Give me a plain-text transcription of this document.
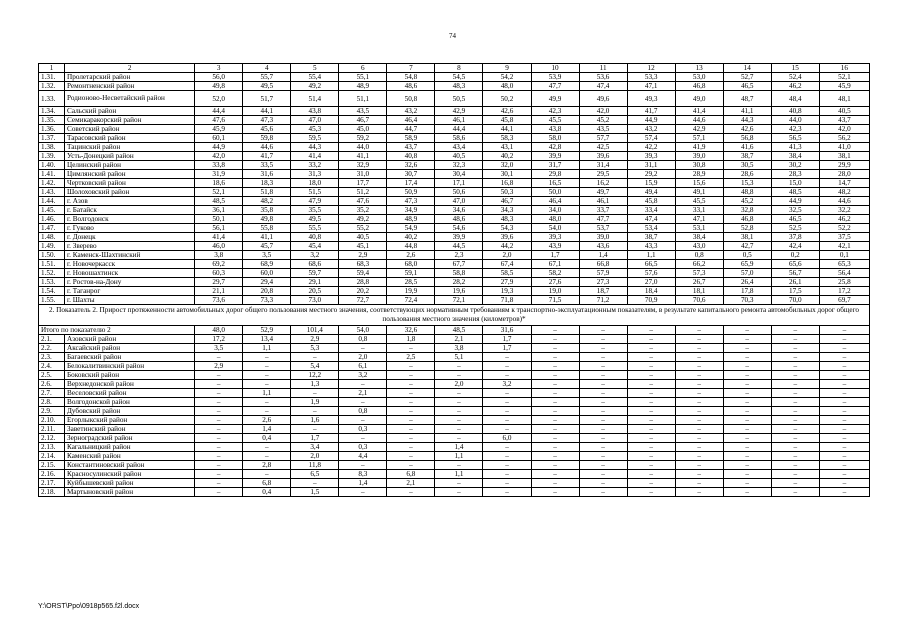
74
1	2	3	4	5	6	7	8	9	10	11	12	13	14	15	16
1.31.	Пролетарский район	56,0	55,7	55,4	55,1	54,8	54,5	54,2	53,9	53,6	53,3	53,0	52,7	52,4	52,1
1.32.	Ремонтненский район	49,8	49,5	49,2	48,9	48,6	48,3	48,0	47,7	47,4	47,1	46,8	46,5	46,2	45,9
1.33.	Родионово-Несветайский район	52,0	51,7	51,4	51,1	50,8	50,5	50,2	49,9	49,6	49,3	49,0	48,7	48,4	48,1
1.34.	Сальский район	44,4	44,1	43,8	43,5	43,2	42,9	42,6	42,3	42,0	41,7	41,4	41,1	40,8	40,5
1.35.	Семикаракорский район	47,6	47,3	47,0	46,7	46,4	46,1	45,8	45,5	45,2	44,9	44,6	44,3	44,0	43,7
1.36.	Советский район	45,9	45,6	45,3	45,0	44,7	44,4	44,1	43,8	43,5	43,2	42,9	42,6	42,3	42,0
1.37.	Тарасовский район	60,1	59,8	59,5	59,2	58,9	58,6	58,3	58,0	57,7	57,4	57,1	56,8	56,5	56,2
1.38.	Тацинский район	44,9	44,6	44,3	44,0	43,7	43,4	43,1	42,8	42,5	42,2	41,9	41,6	41,3	41,0
1.39.	Усть-Донецкий район	42,0	41,7	41,4	41,1	40,8	40,5	40,2	39,9	39,6	39,3	39,0	38,7	38,4	38,1
1.40.	Целинский район	33,8	33,5	33,2	32,9	32,6	32,3	32,0	31,7	31,4	31,1	30,8	30,5	30,2	29,9
1.41.	Цимлянский район	31,9	31,6	31,3	31,0	30,7	30,4	30,1	29,8	29,5	29,2	28,9	28,6	28,3	28,0
1.42.	Чертковский район	18,6	18,3	18,0	17,7	17,4	17,1	16,8	16,5	16,2	15,9	15,6	15,3	15,0	14,7
1.43.	Шолоховский район	52,1	51,8	51,5	51,2	50,9	50,6	50,3	50,0	49,7	49,4	49,1	48,8	48,5	48,2
1.44.	г. Азов	48,5	48,2	47,9	47,6	47,3	47,0	46,7	46,4	46,1	45,8	45,5	45,2	44,9	44,6
1.45.	г. Батайск	36,1	35,8	35,5	35,2	34,9	34,6	34,3	34,0	33,7	33,4	33,1	32,8	32,5	32,2
1.46.	г. Волгодонск	50,1	49,8	49,5	49,2	48,9	48,6	48,3	48,0	47,7	47,4	47,1	46,8	46,5	46,2
1.47.	г. Гуково	56,1	55,8	55,5	55,2	54,9	54,6	54,3	54,0	53,7	53,4	53,1	52,8	52,5	52,2
1.48.	г. Донецк	41,4	41,1	40,8	40,5	40,2	39,9	39,6	39,3	39,0	38,7	38,4	38,1	37,8	37,5
1.49.	г. Зверево	46,0	45,7	45,4	45,1	44,8	44,5	44,2	43,9	43,6	43,3	43,0	42,7	42,4	42,1
1.50.	г. Каменск-Шахтинский	3,8	3,5	3,2	2,9	2,6	2,3	2,0	1,7	1,4	1,1	0,8	0,5	0,2	0,1
1.51.	г. Новочеркасск	69,2	68,9	68,6	68,3	68,0	67,7	67,4	67,1	66,8	66,5	66,2	65,9	65,6	65,3
1.52.	г. Новошахтинск	60,3	60,0	59,7	59,4	59,1	58,8	58,5	58,2	57,9	57,6	57,3	57,0	56,7	56,4
1.53.	г. Ростов-на-Дону	29,7	29,4	29,1	28,8	28,5	28,2	27,9	27,6	27,3	27,0	26,7	26,4	26,1	25,8
1.54.	г. Таганрог	21,1	20,8	20,5	20,2	19,9	19,6	19,3	19,0	18,7	18,4	18,1	17,8	17,5	17,2
1.55.	г. Шахты	73,6	73,3	73,0	72,7	72,4	72,1	71,8	71,5	71,2	70,9	70,6	70,3	70,0	69,7
2. Показатель 2. Прирост протяженности автомобильных дорог общего пользования местного значения, соответствующих нормативным требованиям к транспортно-эксплуатационным показателям, в результате капитального ремонта автомобильных дорог общего пользования местного значения (километров)*															
Итого по показателю 2		48,0	52,9	101,4	54,0	32,6	48,5	31,6	–	–	–	–	–	–	–
2.1.	Азовский район	17,2	13,4	2,9	0,8	1,8	2,1	1,7	–	–	–	–	–	–	–
2.2.	Аксайский район	3,5	1,1	5,3	–	–	3,8	1,7	–	–	–	–	–	–	–
2.3.	Багаевский район	–	–	–	2,0	2,5	5,1	–	–	–	–	–	–	–	–
2.4.	Белокалитвинский район	2,9	–	5,4	6,1	–	–	–	–	–	–	–	–	–	–
2.5.	Боковский район	–	–	12,2	3,2	–	–	–	–	–	–	–	–	–	–
2.6.	Верхнедонской район	–	–	1,3	–	–	2,0	3,2	–	–	–	–	–	–	–
2.7.	Веселовский район	–	1,1	–	2,1	–	–	–	–	–	–	–	–	–	–
2.8.	Волгодонской район	–	–	1,9	–	–	–	–	–	–	–	–	–	–	–
2.9.	Дубовский район	–	–	–	0,8	–	–	–	–	–	–	–	–	–	–
2.10.	Егорлыкский район	–	2,6	1,6	–	–	–	–	–	–	–	–	–	–	–
2.11.	Заветинский район	–	1,4	–	0,3	–	–	–	–	–	–	–	–	–	–
2.12.	Зерноградский район	–	0,4	1,7	–	–	–	6,0	–	–	–	–	–	–	–
2.13.	Кагальницкий район	–	–	3,4	0,3	–	1,4	–	–	–	–	–	–	–	–
2.14.	Каменский район	–	–	2,0	4,4	–	1,1	–	–	–	–	–	–	–	–
2.15.	Константиновский район	–	2,8	11,8	–	–	–	–	–	–	–	–	–	–	–
2.16.	Красносулинский район	–	–	6,5	8,3	6,8	1,1	–	–	–	–	–	–	–	–
2.17.	Куйбышевский район	–	6,8	–	1,4	2,1	–	–	–	–	–	–	–	–	–
2.18.	Мартыновский район	–	0,4	1,5	–	–	–	–	–	–	–	–	–	–	–
Y:\ORST\Ppo\0918p565.f2l.docx
